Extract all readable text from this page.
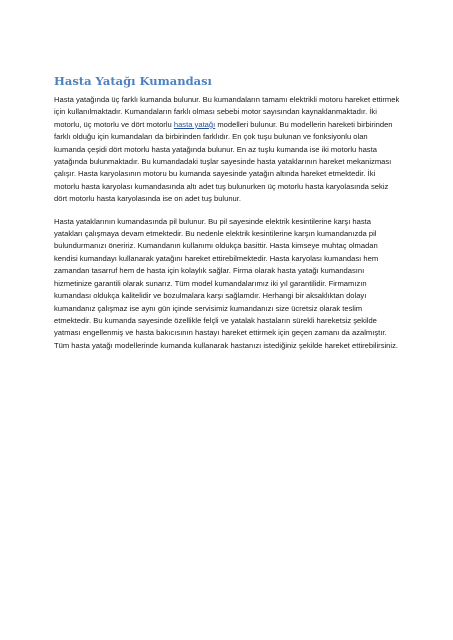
Hasta Yatağı Kumandası

Hasta yatağında üç farklı kumanda bulunur. Bu kumandaların tamamı elektrikli motoru hareket ettirmek için kullanılmaktadır. Kumandaların farklı olması sebebi motor sayısından kaynaklanmaktadır. İki motorlu, üç motorlu ve dört motorlu hasta yatağı modelleri bulunur. Bu modellerin hareketi birbirinden farklı olduğu için kumandaları da birbirinden farklıdır. En çok tuşu bulunan ve fonksiyonlu olan kumanda çeşidi dört motorlu hasta yatağında bulunur. En az tuşlu kumanda ise iki motorlu hasta yatağında bulunmaktadır. Bu kumandadaki tuşlar sayesinde hasta yataklarının hareket mekanizması çalışır. Hasta karyolasının motoru bu kumanda sayesinde yatağın altında hareket etmektedir. İki motorlu hasta karyolası kumandasında altı adet tuş bulunurken üç motorlu hasta karyolasında sekiz dört motorlu hasta karyolasında ise on adet tuş bulunur.

Hasta yataklarının kumandasında pil bulunur. Bu pil sayesinde elektrik kesintilerine karşı hasta yatakları çalışmaya devam etmektedir. Bu nedenle elektrik kesintilerine karşın kumandanızda pil bulundurmanızı öneririz. Kumandanın kullanımı oldukça basittir. Hasta kimseye muhtaç olmadan kendisi kumandayı kullanarak yatağını hareket ettirebilmektedir. Hasta karyolası kumandası hem zamandan tasarruf hem de hasta için kolaylık sağlar. Firma olarak hasta yatağı kumandasını hizmetinize garantili olarak sunarız. Tüm model kumandalarımız iki yıl garantilidir. Firmamızın kumandası oldukça kalitelidir ve bozulmalara karşı sağlamdır. Herhangi bir aksaklıktan dolayı kumandanız çalışmaz ise aynı gün içinde servisimiz kumandanızı size ücretsiz olarak teslim etmektedir. Bu kumanda sayesinde özellikle felçli ve yatalak hastaların sürekli hareketsiz şekilde yatması engellenmiş ve hasta bakıcısının hastayı hareket ettirmek için geçen zamanı da azalmıştır. Tüm hasta yatağı modellerinde kumanda kullanarak hastanızı istediğiniz şekilde hareket ettirebilirsiniz.
